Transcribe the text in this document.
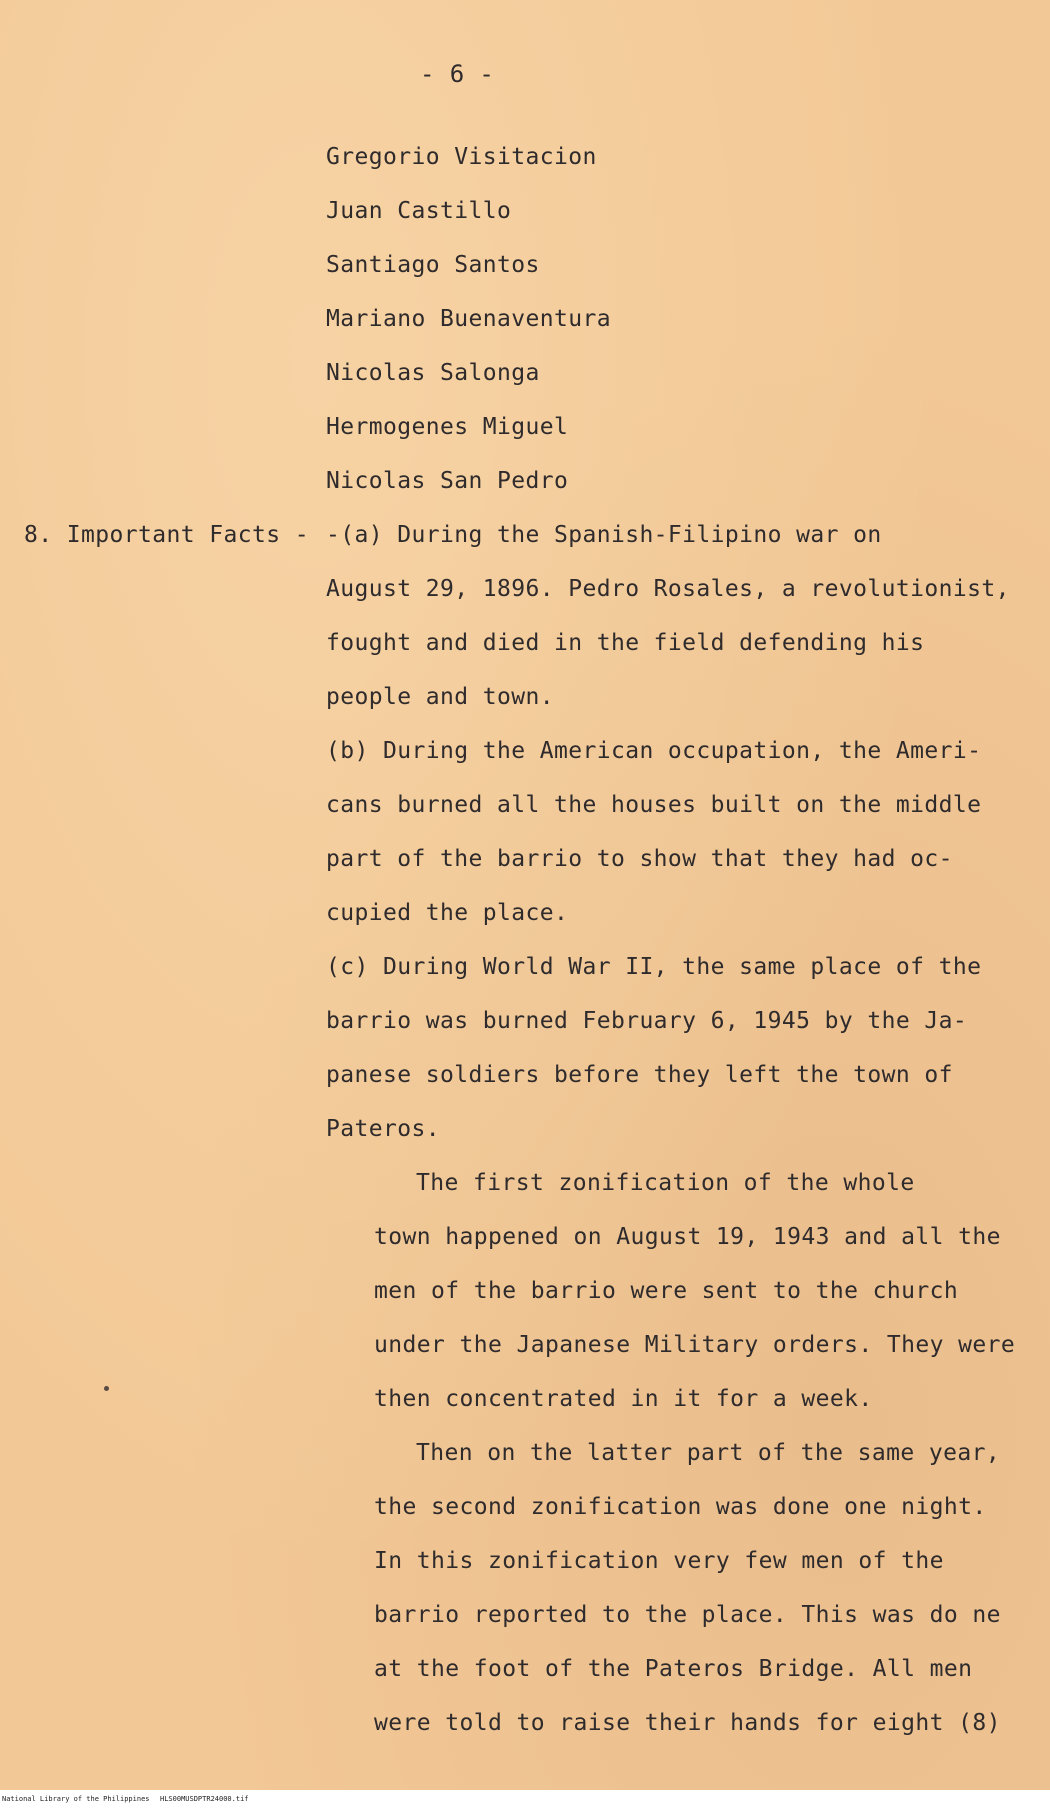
- 6 -
Gregorio Visitacion
Juan Castillo
Santiago Santos
Mariano Buenaventura
Nicolas Salonga
Hermogenes Miguel
Nicolas San Pedro
8. Important Facts - -(a) During the Spanish-Filipino war on
August 29, 1896. Pedro Rosales, a revolutionist,
fought and died in the field defending his
people and town.
(b) During the American occupation, the Ameri-
cans burned all the houses built on the middle
part of the barrio to show that they had oc-
cupied the place.
(c) During World War II, the same place of the
barrio was burned February 6, 1945 by the Ja-
panese soldiers before they left the town of
Pateros.
The first zonification of the whole
town happened on August 19, 1943 and all the
men of the barrio were sent to the church
under the Japanese Military orders. They were
then concentrated in it for a week.
Then on the latter part of the same year,
the second zonification was done one night.
In this zonification very few men of the
barrio reported to the place. This was do ne
at the foot of the Pateros Bridge. All men
were told to raise their hands for eight (8)
National Library of the Philippines HLS00MUSDPTR24000.tif
